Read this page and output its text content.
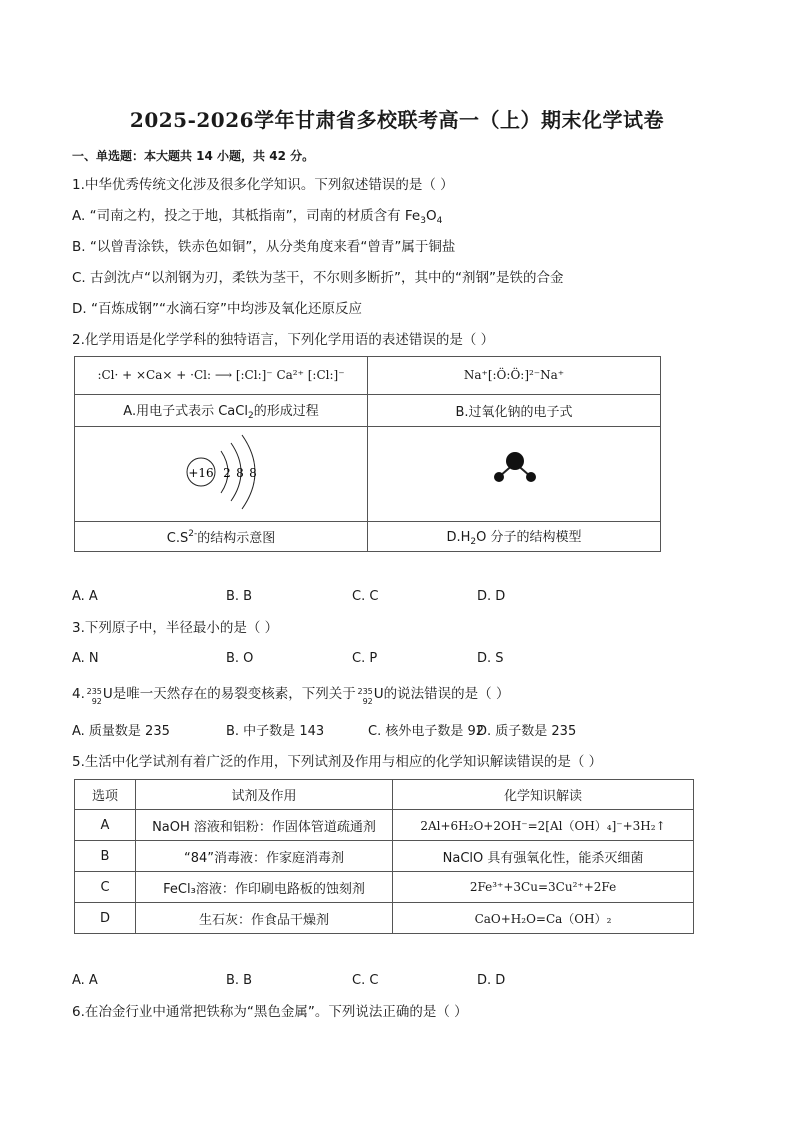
2025-2026学年甘肃省多校联考高一（上）期末化学试卷
一、单选题：本大题共 14 小题，共 42 分。
1.中华优秀传统文化涉及很多化学知识。下列叙述错误的是（ ）
A. “司南之杓，投之于地，其柢指南”，司南的材质含有 $Fe_3O_4$
B. “以曾青涂铁，铁赤色如铜”，从分类角度来看“曾青”属于铜盐
C. 古剑沈卢“以剂钢为刃，柔铁为茎干，不尔则多断折”，其中的“剂钢”是铁的合金
D. “百炼成钢”“水滴石穿”中均涉及氧化还原反应
2.化学用语是化学学科的独特语言，下列化学用语的表述错误的是（ ）
:Cl· + ×Ca× + ·Cl: ⟶ [:Cl:]⁻ Ca²⁺ [:Cl:]⁻	Na⁺[:Ö:Ö:]²⁻Na⁺
A.用电子式表示 CaCl$_2$的形成过程	B.过氧化钠的电子式

+16 2 8 8

$C.S^{2-}$的结构示意图	$D.H_2O$ 分子的结构模型
A. A	B. B	C. C	D. D
3.下列原子中，半径最小的是（ ）
A. N	B. O	C. P	D. S
4. 235
92 U是唯一天然存在的易裂变核素，下列关于 235
92 U的说法错误的是（ ）
A. 质量数是 235	B. 中子数是 143	C. 核外电子数是 92
D. 质子数是 235
5.生活中化学试剂有着广泛的作用，下列试剂及作用与相应的化学知识解读错误的是（ ）
选项	试剂及作用	化学知识解读
A	NaOH 溶液和铝粉：作固体管道疏通剂	2Al+6H₂O+2OH⁻=2[Al（OH）₄]⁻+3H₂↑
B	“84”消毒液：作家庭消毒剂	NaClO 具有强氧化性，能杀灭细菌
C	FeCl₃溶液：作印刷电路板的蚀刻剂	2Fe³⁺+3Cu=3Cu²⁺+2Fe
D	生石灰：作食品干燥剂	CaO+H₂O=Ca（OH）₂
A. A	B. B	C. C	D. D
6.在冶金行业中通常把铁称为“黑色金属”。下列说法正确的是（ ）
